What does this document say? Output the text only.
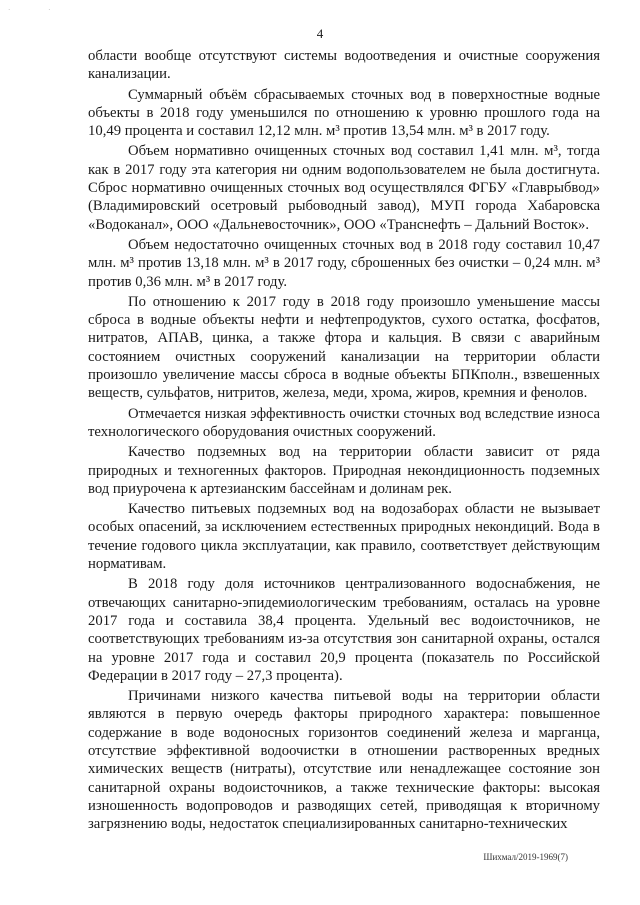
· ·
4

области вообще отсутствуют системы водоотведения и очистные сооружения канализации.

Суммарный объём сбрасываемых сточных вод в поверхностные водные объекты в 2018 году уменьшился по отношению к уровню прошлого года на 10,49 процента и составил 12,12 млн. м³ против 13,54 млн. м³ в 2017 году.

Объем нормативно очищенных сточных вод составил 1,41 млн. м³, тогда как в 2017 году эта категория ни одним водопользователем не была достигнута. Сброс нормативно очищенных сточных вод осуществлялся ФГБУ «Главрыбвод» (Владимировский осетровый рыбоводный завод), МУП города Хабаровска «Водоканал», ООО «Дальневосточник», ООО «Транснефть – Дальний Восток».

Объем недостаточно очищенных сточных вод в 2018 году составил 10,47 млн. м³ против 13,18 млн. м³ в 2017 году, сброшенных без очистки – 0,24 млн. м³ против 0,36 млн. м³ в 2017 году.

По отношению к 2017 году в 2018 году произошло уменьшение массы сброса в водные объекты нефти и нефтепродуктов, сухого остатка, фосфатов, нитратов, АПАВ, цинка, а также фтора и кальция. В связи с аварийным состоянием очистных сооружений канализации на территории области произошло увеличение массы сброса в водные объекты БПКполн., взвешенных веществ, сульфатов, нитритов, железа, меди, хрома, жиров, кремния и фенолов.

Отмечается низкая эффективность очистки сточных вод вследствие износа технологического оборудования очистных сооружений.

Качество подземных вод на территории области зависит от ряда природных и техногенных факторов. Природная некондиционность подземных вод приурочена к артезианским бассейнам и долинам рек.

Качество питьевых подземных вод на водозаборах области не вызывает особых опасений, за исключением естественных природных некондиций. Вода в течение годового цикла эксплуатации, как правило, соответствует действующим нормативам.

В 2018 году доля источников централизованного водоснабжения, не отвечающих санитарно-эпидемиологическим требованиям, осталась на уровне 2017 года и составила 38,4 процента. Удельный вес водоисточников, не соответствующих требованиям из-за отсутствия зон санитарной охраны, остался на уровне 2017 года и составил 20,9 процента (показатель по Российской Федерации в 2017 году – 27,3 процента).

Причинами низкого качества питьевой воды на территории области являются в первую очередь факторы природного характера: повышенное содержание в воде водоносных горизонтов соединений железа и марганца, отсутствие эффективной водоочистки в отношении растворенных вредных химических веществ (нитраты), отсутствие или ненадлежащее состояние зон санитарной охраны водоисточников, а также технические факторы: высокая изношенность водопроводов и разводящих сетей, приводящая к вторичному загрязнению воды, недостаток специализированных санитарно-технических

Шихмал/2019-1969(7)
